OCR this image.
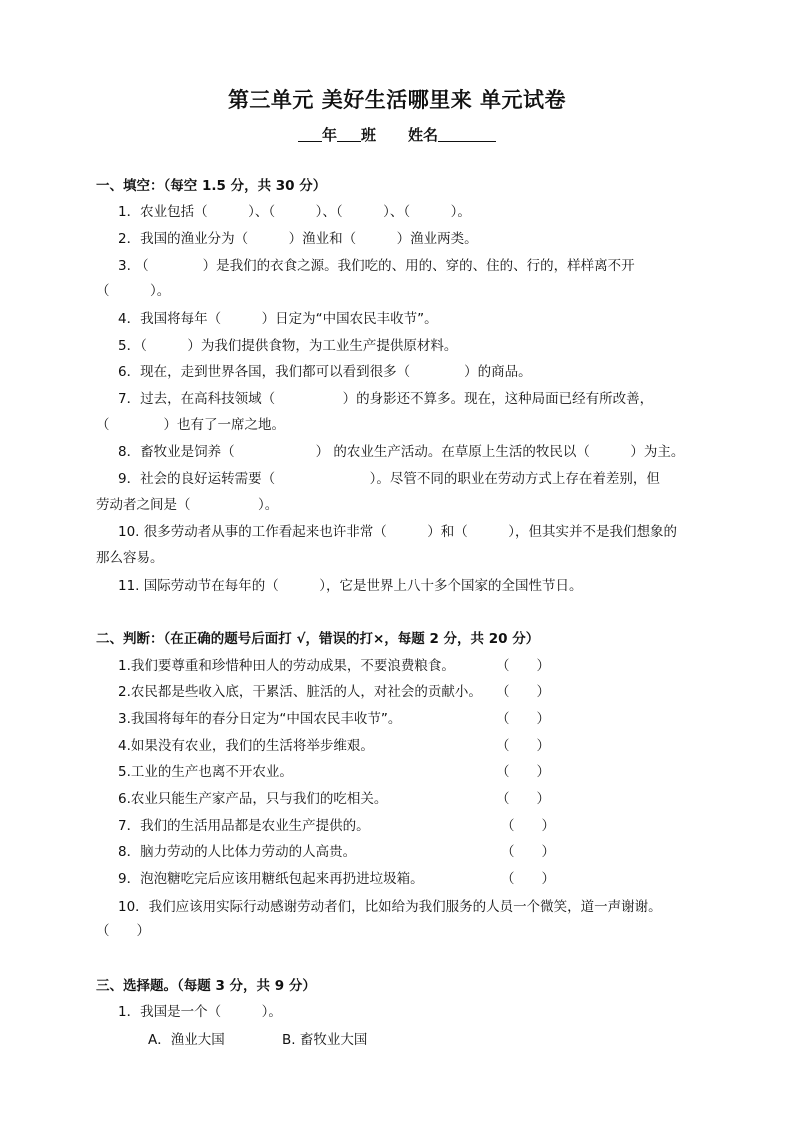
第三单元 美好生活哪里来 单元试卷
年 班 姓名
一、填空：（每空 1.5 分，共 30 分）
1．农业包括（　　　）、（　　　）、（　　　）、（　　　）。
2．我国的渔业分为（　　　）渔业和（　　　）渔业两类。
3. （　　　　）是我们的衣食之源。我们吃的、用的、穿的、住的、行的，样样离不开
（　　　）。
4．我国将每年（　　　）日定为“中国农民丰收节”。
5．（　　　）为我们提供食物，为工业生产提供原材料。
6．现在，走到世界各国，我们都可以看到很多（　　　　）的商品。
7．过去，在高科技领域（　　　　　）的身影还不算多。现在，这种局面已经有所改善，
（　　　　）也有了一席之地。
8．畜牧业是饲养（　　　　　　） 的农业生产活动。在草原上生活的牧民以（　　　）为主。
9．社会的良好运转需要（　　　　　　　）。尽管不同的职业在劳动方式上存在着差别，但
劳动者之间是（　　　　　）。
10. 很多劳动者从事的工作看起来也许非常（　　　）和（　　　），但其实并不是我们想象的
那么容易。
11. 国际劳动节在每年的（　　　），它是世界上八十多个国家的全国性节日。
二、判断：（在正确的题号后面打 √，错误的打×，每题 2 分，共 20 分）
1.我们要尊重和珍惜种田人的劳动成果，不要浪费粮食。	（　　）
2.农民都是些收入底，干累活、脏活的人，对社会的贡献小。 （　　）
3.我国将每年的春分日定为“中国农民丰收节”。	（　　）
4.如果没有农业，我们的生活将举步维艰。	（　　）
5.工业的生产也离不开农业。	（　　）
6.农业只能生产家产品，只与我们的吃相关。	（　　）
7．我们的生活用品都是农业生产提供的。	（　　）
8．脑力劳动的人比体力劳动的人高贵。	（　　）
9．泡泡糖吃完后应该用糖纸包起来再扔进垃圾箱。	（　　）
10．我们应该用实际行动感谢劳动者们，比如给为我们服务的人员一个微笑，道一声谢谢。
（　　）
三、选择题。（每题 3 分，共 9 分）
1．我国是一个（　　　）。
A．渔业大国	B. 畜牧业大国
